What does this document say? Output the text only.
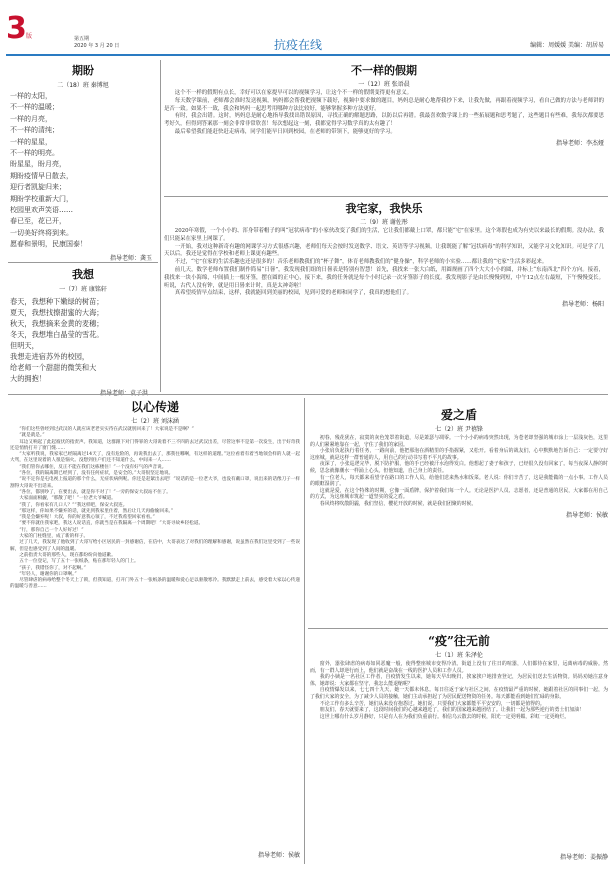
3 版	第五期
2020 年 3 月 20 日	抗疫在线	编辑：周媛媛 美编：胡居易
期盼
二（18）班 秦博旭
一样的太阳，
不一样的温暖；
一样的月亮，
不一样的清纯；
一样的星星，
不一样的明亮。
盼星星，盼月亮，
期盼疫情早日散去，
迎行者凯旋归来；
期盼学校重新大门，
校园里欢声笑语……
春已至，花已开，
一切美好终将到来。
愿春和景明，民康国泰！
指导老师：龚玉
我想
一（7）班 康铭轩
春天，我想种下嫩绿的树苗；
夏天，我想找擦甜蜜的大海；
秋天，我想摘来金黄的麦穗；
冬天，我想堆白晶莹的雪花。
但明天，
我想走进宿苏外的校园，
给老师一个甜甜的微笑和大
大的拥抱！
不一样的假期
一（12）班 张语晨

这个不一样的假期有点长，幸好可以在家提早可以的视频学习，让这个不一样的假期变得更有意义。

每天数学课前，老师都会准时发送视频，妈妈都会帮我把视频下载好，视频中要求做的题目，妈妈总是耐心地帮我抄下来，让我先做，再跟着视频学习，看自己做的方法与老师讲的是否一致。如果不一致，我会和妈妈一起思考用哪种方法比较好，能够掌握多种方法更好。

有时，我会出错。这时，妈妈总是耐心地指导我找出错误原因，寻找正确的解题思路，以防以后再错。我最喜欢数学课上的一些拓展题和思考题了，这些题目有些难，我每次都要思考好久，但得到答案那一刻会非常非常欣喜！每次想起这一刻，我都觉得学习数学真的太有趣了！

最后希望我们能赶快赶走病毒，同学们能早日回到校园，在老师的带领下，能够更好的学习。

指导老师：李杰娅
我宅家，我快乐
二（9）班 谢佐彤

2020年寒假，一个小小的、浑身带着帽子的叫“冠状病毒”的小家伙改变了我们的生活，它让我们都戴上口罩，都只能“宅”在家里。这个寒假也成为有史以来最长的假期。没办法，我们只能呆在家里上网课了。

一开始，我对这种新奇有趣的网课学习方式很感兴趣，老师们每天会按时发送数学、语文、英语等学习视频，让我既能了解“冠状病毒”的科学知识，又能学习文化知识。可是学了几天以后，我还是觉得在学校和老师上课更有趣些。

不过，“宅”在家的生活乐趣也还是很多的！音乐老师教我们的“杯子舞”，体育老师教我们的“健身操”，科学老师的小实验……都让我的“宅家”生活多彩起来。

前几天，数学老师布置我们制作简易“日晷”，我发现我们组的日晷表是特别有智慧！首先，我找来一张大白纸，用圆规画了四个大大小小的圆，并标上“东南西北”四个方向。接着，我找来一块小海绵，中间插上一根牙签，摆在圆的正中心，接下来，我的任务就是每个小时记录一次牙签影子的长度。我发现影子是由长慢慢到短，中午12点左右最短，下午慢慢变长。听说，古代人没有钟，就是用日晷来计时，真是太神奇啦！

真希望疫情早点结束，这样，我就能回到美丽的校园，见到可爱的老师和同学了，我真的想他们了。

指导老师：杨阳
以心传递
七（2）班 刘沫涵

“你们这些曾经到过武汉的人就应该老老实实待在武汉就别回来了！大家说是不是啊？”

“就是就是。”

耳边又响起了此起彼伏的指责声。我知道，这群跟下对门得罪的大哥说着不三不四的去过武汉出差，尽管这事不是第一次发生，出于好奇我还是悄悄打开了窗门缝……

“大家听我说，我家家已经隔离过14天了，没有危险的，再说我出去了，那我往哪啊，有这样的道理。”这位看着有着当地领会样的人就一起大骂，在这里说着的人很是恼火。没想到住户们还不知道什么，中间来一人……

“我们管你去哪住，反正不能在我们这栋楼住！”一个没有好气的声音说。

“各位，我的隔离期已经到了，没有任何症状，是安全的。”大哥很坚定地说。

“说不定你是屯电视上报道的那个什么，无症状病例呢。你还是赶紧出去吧！”说话的是一位老大爷，也没有戴口罩，说出来的话像刀子一样割得大哥说不出话来。

“各位，都别吵了，在要出去，就是你不对了！”一旁的保安大叔站不住了。

大家面面相觑，“那散了吧！”一位老大爷喊道。

“我了，你看家有几口人？”“我这样吧，保安大叔连。

“那这样，你如果不嫌弃的话，就先到我家里住着，然后让几天再偷偷回来。”

“我是会嫌弃呢！大叔，你的好意我心领了，不过我希望回家看看。”

“要不你就住我家吧，我这人说话直，你就当是在我隔离一个周期吧！”大哥寻故乡轻松道。

“行，那你自己一个人好好过！”

大家的门柱缝里，成了新的样子。

过了几天，我发现了他收到了大哥写给小区居民的一封感谢信，在信中，大哥表达了对我们的理解和感谢，说虽然在我们这里受到了一些误解，但是也感受到了人间的温暖。

之前指责大哥的那些人，现在都纷纷向他道歉。

五十一位登记，写了五十一张纸条，贴在那年轻人的门上。

“孩子，我错怪你了，对不起啊。”

“年轻人，谢谢你的口罩啊。”

尽管肆虐的病毒给整个冬天上了锁，但我知道，打开门外五十一张纸条的温暖和爱心足以驱散寒冷。我默默走上前去，感受着大家以心传递的温暖与善意……

指导老师：侯敏
爱之盾
七（2）班 尹禧锋

初春，残花犹在，寂寞的灰色笼罩着街道，尽是萧瑟与凋零。一个小小的病毒突然出现，为苍老却坚强的城市涂上一层浅灰色，这里的人们紧紧地靠在一起，守住了我们的家园。

小张肩负起执行着任务，一路向前，他把那泡在酒精里的手指握紧，又松开。看着身后的战友们，心中默默地告诉自己：一定要守好这座城。就是这样一群普通的人，用自己的行动书写着不平凡的故事。

夜深了，小张巡逻完毕，脱下防护服，他的手已经被汗水泡得发白。他想起了妻子和孩子，已经很久没有回家了。每当夜深人静的时候，思念就像潮水一样涌上心头。但他知道，自己身上的责任。

有一位老人，每天都来看望守在路口的工作人员，给他们送来热水和饭菜。老人说：你们辛苦了，这是我能做的一点小事。工作人员的眼眶湿润了。

这就是爱，在这个特殊的时期，它像一面盾牌，保护着我们每一个人。无论是医护人员、志愿者，还是普通的居民，大家都在用自己的方式，为这座城市筑起一道坚实的爱之盾。

春风终将吹散阴霾，我们坚信，樱花开放的时候，就是我们团聚的时候。

指导老师：侯敏
“疫”往无前
七（1）班 朱泽伦

窗外，嚣张肆虐的病毒如同恶魔一般，使得整座城市变得冷清。街道上没有了往日的喧嚣，人们都待在家里，远离病毒的威胁。然而，有一群人却逆行而上，他们就是奋战在一线的医护人员和工作人员。

我的小姨是一名社区工作者，自疫情发生以来，她每天早出晚归，挨家挨户地排查登记，为居民们送去生活物资。妈妈劝她注意身体，她却说：大家都在坚守，我怎么能退缩呢？

自疫情爆发以来，七七四十九天，她一天都未休息。每日往返于家与社区之间，在疫情最严重的时候，她跟着社区的同事们一起，为了我们大家的安全，为了减少人员的接触，她们主动承担起了为居民配送物资的任务。每天都能看到她们忙碌的身影。

不论工作有多么辛苦，她们从来没有抱怨过。她们说，只要我们大家都能平平安安的，一切都是值得的。

朋友们，春天就要来了，这段时间我们的心越来越近了，我们的国家越来越团结了。让我们一起为那些逆行的勇士们加油！

这世上哪有什么岁月静好，只是有人在为我们负重前行。相信乌云散去的时候，阳光一定更明媚，彩虹一定更绚烂。

指导老师：姜振静
